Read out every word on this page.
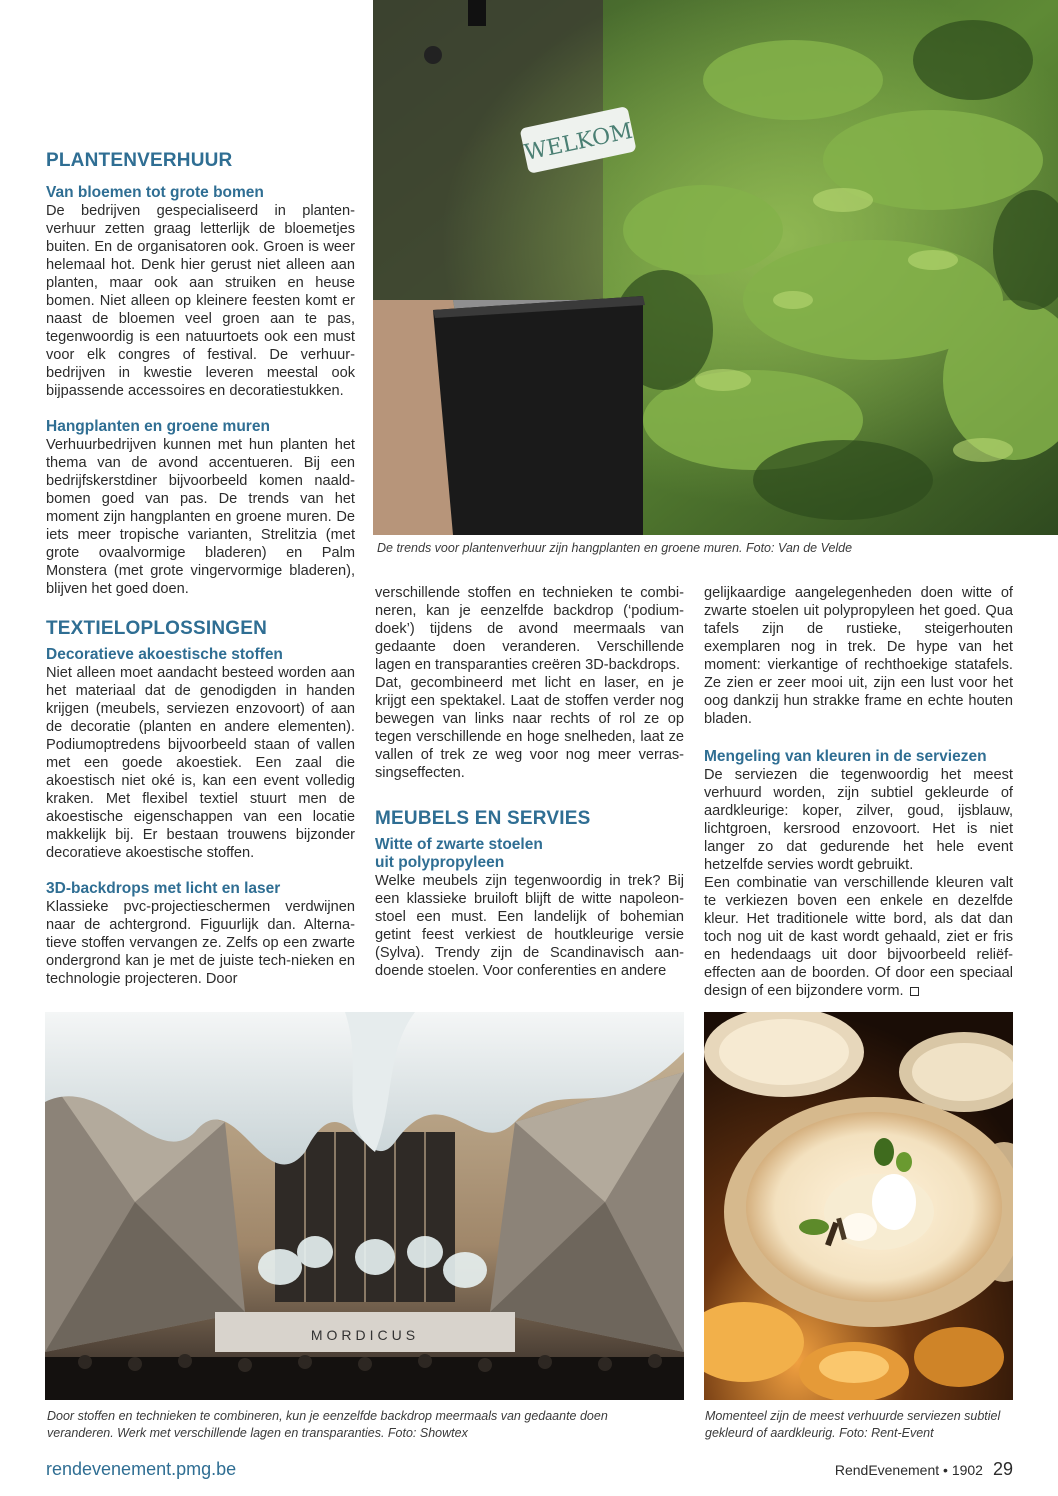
WELKOM

De trends voor plantenverhuur zijn hangplanten en groene muren. Foto: Van de Velde

PLANTENVERHUUR
Van bloemen tot grote bomen

De bedrijven gespecialiseerd in planten-verhuur zetten graag letterlijk de bloemetjes buiten. En de organisatoren ook. Groen is weer helemaal hot. Denk hier gerust niet alleen aan planten, maar ook aan struiken en heuse bomen. Niet alleen op kleinere feesten komt er naast de bloemen veel groen aan te pas, tegenwoordig is een natuurtoets ook een must voor elk congres of festival. De verhuur-bedrijven in kwestie leveren meestal ook bijpassende accessoires en decoratiestukken.

Hangplanten en groene muren

Verhuurbedrijven kunnen met hun planten het thema van de avond accentueren. Bij een bedrijfskerstdiner bijvoorbeeld komen naald-bomen goed van pas. De trends van het moment zijn hangplanten en groene muren. De iets meer tropische varianten, Strelitzia (met grote ovaalvormige bladeren) en Palm Monstera (met grote vingervormige bladeren), blijven het goed doen.

TEXTIELOPLOSSINGEN
Decoratieve akoestische stoffen

Niet alleen moet aandacht besteed worden aan het materiaal dat de genodigden in handen krijgen (meubels, serviezen enzovoort) of aan de decoratie (planten en andere elementen). Podiumoptredens bijvoorbeeld staan of vallen met een goede akoestiek. Een zaal die akoestisch niet oké is, kan een event volledig kraken. Met flexibel textiel stuurt men de akoestische eigenschappen van een locatie makkelijk bij. Er bestaan trouwens bijzonder decoratieve akoestische stoffen.

3D-backdrops met licht en laser

Klassieke pvc-projectieschermen verdwijnen naar de achtergrond. Figuurlijk dan. Alterna-tieve stoffen vervangen ze. Zelfs op een zwarte ondergrond kan je met de juiste tech-nieken en technologie projecteren. Door

verschillende stoffen en technieken te combi-neren, kan je eenzelfde backdrop (‘podium-doek’) tijdens de avond meermaals van gedaante doen veranderen. Verschillende lagen en transparanties creëren 3D-backdrops.

Dat, gecombineerd met licht en laser, en je krijgt een spektakel. Laat de stoffen verder nog bewegen van links naar rechts of rol ze op tegen verschillende en hoge snelheden, laat ze vallen of trek ze weg voor nog meer verras-singseffecten.

MEUBELS EN SERVIES
Witte of zwarte stoelen
uit polypropyleen

Welke meubels zijn tegenwoordig in trek? Bij een klassieke bruiloft blijft de witte napoleon-stoel een must. Een landelijk of bohemian getint feest verkiest de houtkleurige versie (Sylva). Trendy zijn de Scandinavisch aan-doende stoelen. Voor conferenties en andere

gelijkaardige aangelegenheden doen witte of zwarte stoelen uit polypropyleen het goed. Qua tafels zijn de rustieke, steigerhouten exemplaren nog in trek. De hype van het moment: vierkantige of rechthoekige statafels. Ze zien er zeer mooi uit, zijn een lust voor het oog dankzij hun strakke frame en echte houten bladen.

Mengeling van kleuren in de serviezen

De serviezen die tegenwoordig het meest verhuurd worden, zijn subtiel gekleurde of aardkleurige: koper, zilver, goud, ijsblauw, lichtgroen, kersrood enzovoort. Het is niet langer zo dat gedurende het hele event hetzelfde servies wordt gebruikt.

Een combinatie van verschillende kleuren valt te verkiezen boven een enkele en dezelfde kleur. Het traditionele witte bord, als dat dan toch nog uit de kast wordt gehaald, ziet er fris en hedendaags uit door bijvoorbeeld reliëf-effecten aan de boorden. Of door een speciaal design of een bijzondere vorm.

MORDICUS

Door stoffen en technieken te combineren, kun je eenzelfde backdrop meermaals van gedaante doen veranderen. Werk met verschillende lagen en transparanties. Foto: Showtex

Momenteel zijn de meest verhuurde serviezen subtiel gekleurd of aardkleurig. Foto: Rent-Event

rendevenement.pmg.be	RendEvenement • 1902 29
